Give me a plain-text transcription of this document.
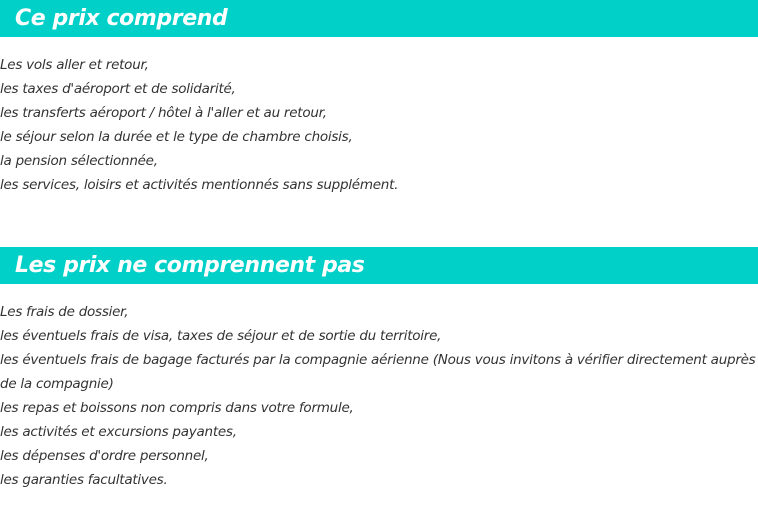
Ce prix comprend
Les vols aller et retour,
les taxes d'aéroport et de solidarité,
les transferts aéroport / hôtel à l'aller et au retour,
le séjour selon la durée et le type de chambre choisis,
la pension sélectionnée,
les services, loisirs et activités mentionnés sans supplément.
Les prix ne comprennent pas
Les frais de dossier,
les éventuels frais de visa, taxes de séjour et de sortie du territoire,
les éventuels frais de bagage facturés par la compagnie aérienne (Nous vous invitons à vérifier directement auprès de la compagnie)
les repas et boissons non compris dans votre formule,
les activités et excursions payantes,
les dépenses d'ordre personnel,
les garanties facultatives.
